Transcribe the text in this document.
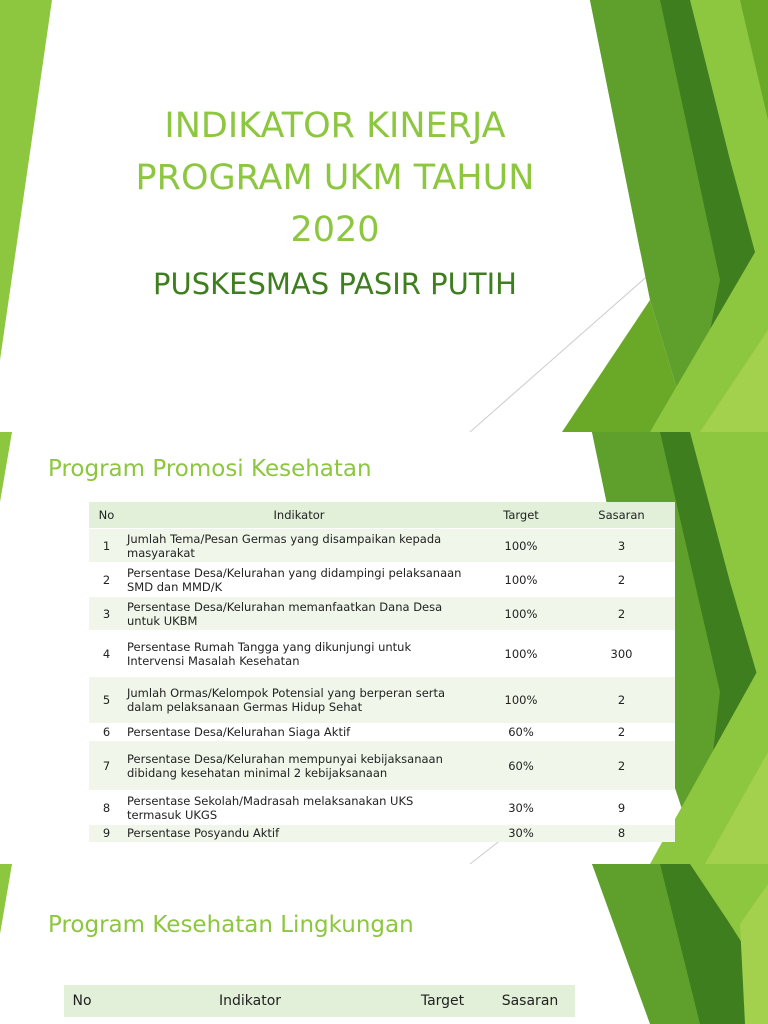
INDIKATOR KINERJA
PROGRAM UKM TAHUN
2020
PUSKESMAS PASIR PUTIH
Program Promosi Kesehatan
No	Indikator	Target	Sasaran
1	Jumlah Tema/Pesan Germas yang disampaikan kepada masyarakat	100%	3
2	Persentase Desa/Kelurahan yang didampingi pelaksanaan SMD dan MMD/K	100%	2
3	Persentase Desa/Kelurahan memanfaatkan Dana Desa untuk UKBM	100%	2
4	Persentase Rumah Tangga yang dikunjungi untuk Intervensi Masalah Kesehatan	100%	300
5	Jumlah Ormas/Kelompok Potensial yang berperan serta dalam pelaksanaan Germas Hidup Sehat	100%	2
6	Persentase Desa/Kelurahan Siaga Aktif	60%	2
7	Persentase Desa/Kelurahan mempunyai kebijaksanaan dibidang kesehatan minimal 2 kebijaksanaan	60%	2
8	Persentase Sekolah/Madrasah melaksanakan UKS termasuk UKGS	30%	9
9	Persentase Posyandu Aktif	30%	8
Program Kesehatan Lingkungan
No	Indikator	Target	Sasaran
